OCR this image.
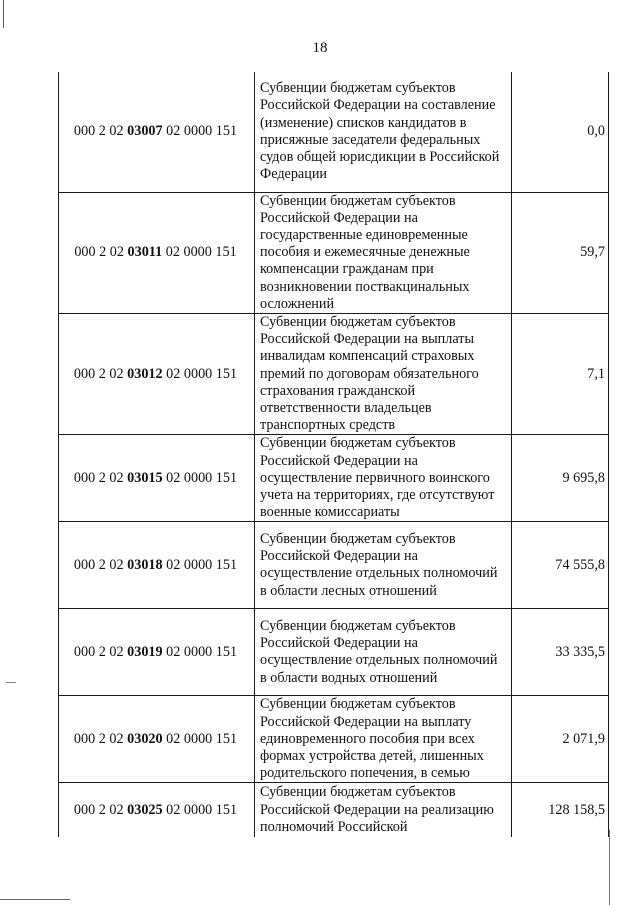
18
000 2 02 03007 02 0000 151	Субвенции бюджетам субъектов Российской Федерации на составление (изменение) списков кандидатов в присяжные заседатели федеральных судов общей юрисдикции в Российской Федерации	0,0
000 2 02 03011 02 0000 151	Субвенции бюджетам субъектов Российской Федерации на государственные единовременные пособия и ежемесячные денежные компенсации гражданам при возникновении поствакцинальных осложнений	59,7
000 2 02 03012 02 0000 151	Субвенции бюджетам субъектов Российской Федерации на выплаты инвалидам компенсаций страховых премий по договорам обязательного страхования гражданской ответственности владельцев транспортных средств	7,1
000 2 02 03015 02 0000 151	Субвенции бюджетам субъектов Российской Федерации на осуществление первичного воинского учета на территориях, где отсутствуют военные комиссариаты	9 695,8
000 2 02 03018 02 0000 151	Субвенции бюджетам субъектов Российской Федерации на осуществление отдельных полномочий в области лесных отношений	74 555,8
000 2 02 03019 02 0000 151	Субвенции бюджетам субъектов Российской Федерации на осуществление отдельных полномочий в области водных отношений	33 335,5
000 2 02 03020 02 0000 151	Субвенции бюджетам субъектов Российской Федерации на выплату единовременного пособия при всех формах устройства детей, лишенных родительского попечения, в семью	2 071,9
000 2 02 03025 02 0000 151	Субвенции бюджетам субъектов Российской Федерации на реализацию полномочий Российской	128 158,5
